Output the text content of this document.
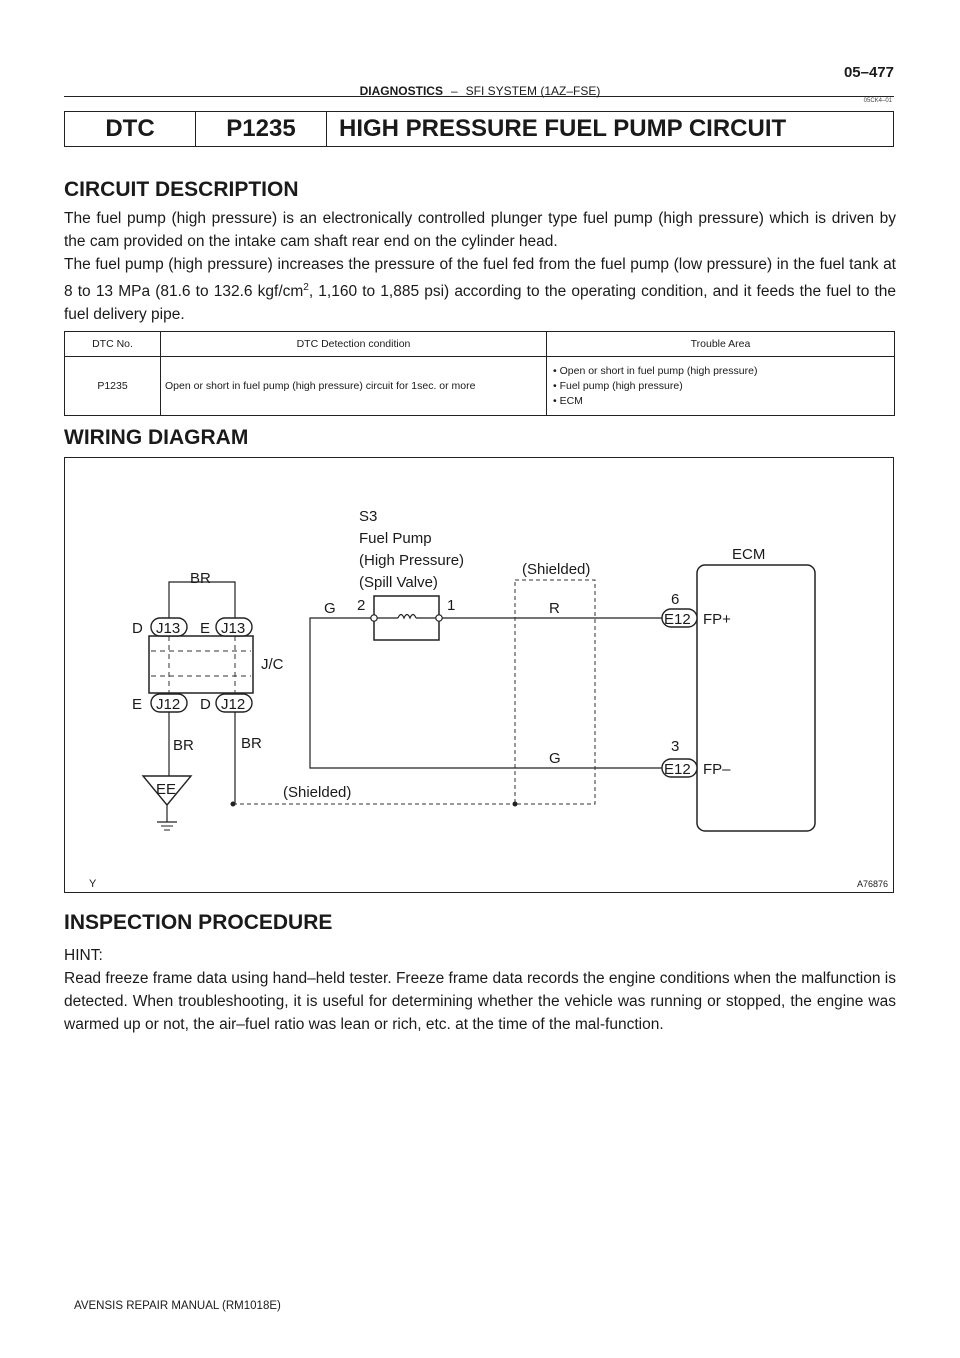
05–477
DIAGNOSTICS – SFI SYSTEM (1AZ–FSE)
05CK4–01
DTC	P1235	HIGH PRESSURE FUEL PUMP CIRCUIT
CIRCUIT DESCRIPTION
The fuel pump (high pressure) is an electronically controlled plunger type fuel pump (high pressure) which is driven by the cam provided on the intake cam shaft rear end on the cylinder head.
The fuel pump (high pressure) increases the pressure of the fuel fed from the fuel pump (low pressure) in the fuel tank at 8 to 13 MPa (81.6 to 132.6 kgf/$cm^2$, 1,160 to 1,885 psi) according to the operating condition, and it feeds the fuel to the fuel delivery pipe.
DTC No.	DTC Detection condition	Trouble Area
P1235	Open or short in fuel pump (high pressure) circuit for 1sec. or more	• Open or short in fuel pump (high pressure)
• Fuel pump (high pressure)
• ECM
WIRING DIAGRAM
S3
Fuel Pump
(High Pressure)
(Spill Valve)
(Shielded)
(Shielded)
ECM
BR
BR	BR
D J13 E J13
E J12 D J12
J/C
EE
G 2	1	R
G
6
E12 FP+
3
E12 FP–
Y	A76876
INSPECTION PROCEDURE
HINT:
Read freeze frame data using hand–held tester. Freeze frame data records the engine conditions when the malfunction is detected. When troubleshooting, it is useful for determining whether the vehicle was running or stopped, the engine was warmed up or not, the air–fuel ratio was lean or rich, etc. at the time of the mal-function.
AVENSIS REPAIR MANUAL (RM1018E)
